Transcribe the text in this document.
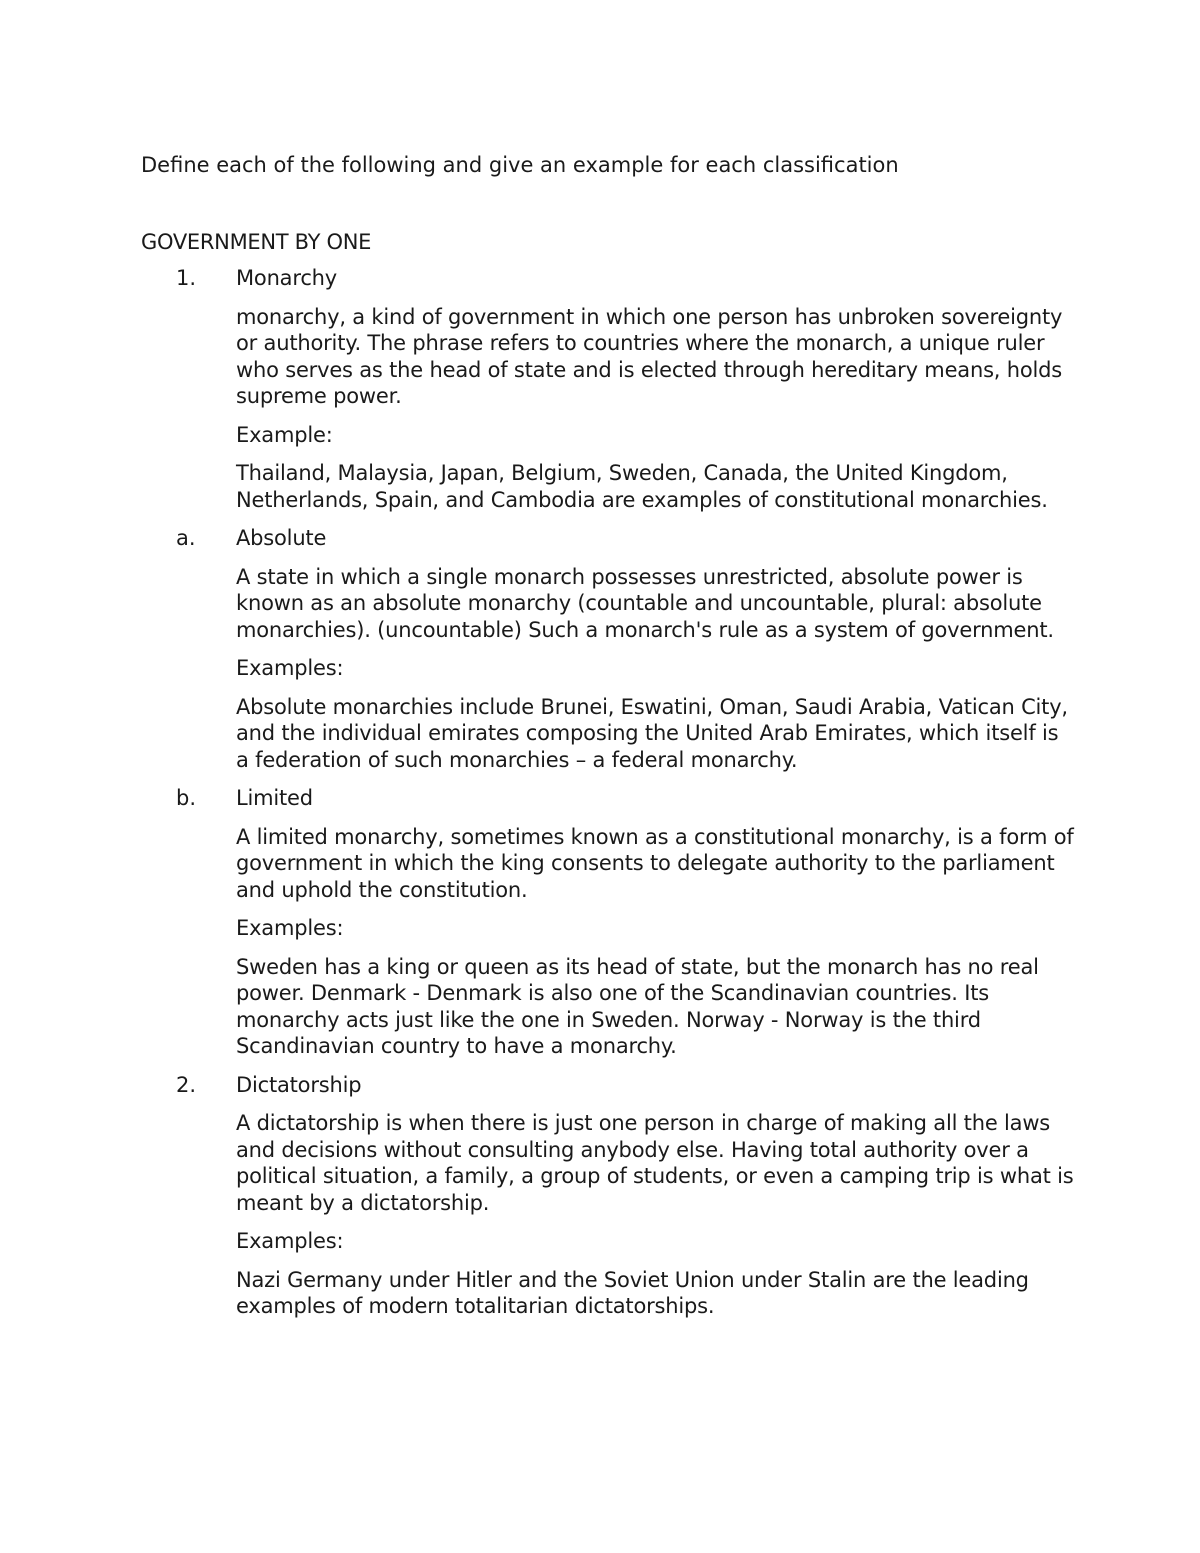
Define each of the following and give an example for each classification
GOVERNMENT BY ONE
1. Monarchy
monarchy, a kind of government in which one person has unbroken sovereignty or authority. The phrase refers to countries where the monarch, a unique ruler who serves as the head of state and is elected through hereditary means, holds supreme power.
Example:
Thailand, Malaysia, Japan, Belgium, Sweden, Canada, the United Kingdom, Netherlands, Spain, and Cambodia are examples of constitutional monarchies.
a. Absolute
A state in which a single monarch possesses unrestricted, absolute power is known as an absolute monarchy (countable and uncountable, plural: absolute monarchies). (uncountable) Such a monarch's rule as a system of government.
Examples:
Absolute monarchies include Brunei, Eswatini, Oman, Saudi Arabia, Vatican City, and the individual emirates composing the United Arab Emirates, which itself is a federation of such monarchies – a federal monarchy.
b. Limited
A limited monarchy, sometimes known as a constitutional monarchy, is a form of government in which the king consents to delegate authority to the parliament and uphold the constitution.
Examples:
Sweden has a king or queen as its head of state, but the monarch has no real power. Denmark - Denmark is also one of the Scandinavian countries. Its monarchy acts just like the one in Sweden. Norway - Norway is the third Scandinavian country to have a monarchy.
2. Dictatorship
A dictatorship is when there is just one person in charge of making all the laws and decisions without consulting anybody else. Having total authority over a political situation, a family, a group of students, or even a camping trip is what is meant by a dictatorship.
Examples:
Nazi Germany under Hitler and the Soviet Union under Stalin are the leading examples of modern totalitarian dictatorships.
